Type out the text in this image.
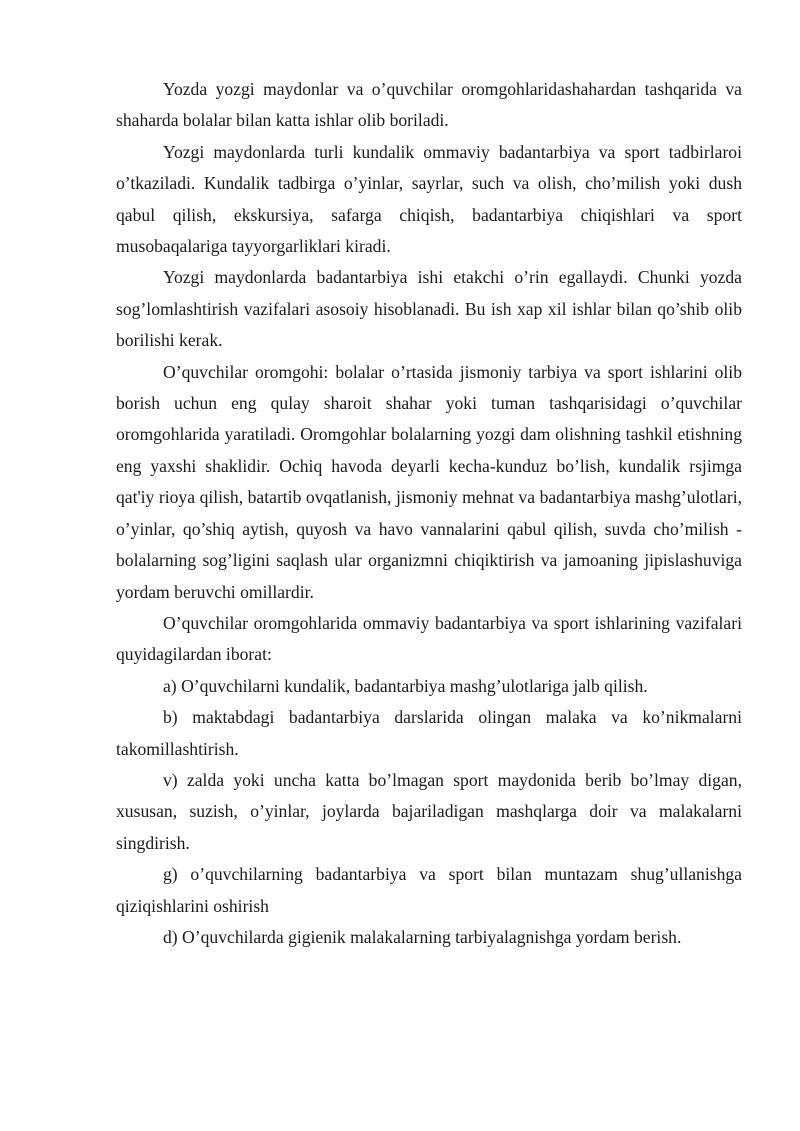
Yozda yozgi maydonlar va o’quvchilar oromgohlaridashahardan tashqarida va shaharda bolalar bilan katta ishlar olib boriladi.

Yozgi maydonlarda turli kundalik ommaviy badantarbiya va sport tadbirlaroi o’tkaziladi. Kundalik tadbirga o’yinlar, sayrlar, such va olish, cho’milish yoki dush qabul qilish, ekskursiya, safarga chiqish, badantarbiya chiqishlari va sport musobaqalariga tayyorgarliklari kiradi.

Yozgi maydonlarda badantarbiya ishi etakchi o’rin egallaydi. Chunki yozda sog’lomlashtirish vazifalari asosoiy hisoblanadi. Bu ish xap xil ishlar bilan qo’shib olib borilishi kerak.

O’quvchilar oromgohi: bolalar o’rtasida jismoniy tarbiya va sport ishlarini olib borish uchun eng qulay sharoit shahar yoki tuman tashqarisidagi o’quvchilar oromgohlarida yaratiladi. Oromgohlar bolalarning yozgi dam olishning tashkil etishning eng yaxshi shaklidir. Ochiq havoda deyarli kecha-kunduz bo’lish, kundalik rsjimga qat'iy rioya qilish, batartib ovqatlanish, jismoniy mehnat va badantarbiya mashg’ulotlari, o’yinlar, qo’shiq aytish, quyosh va havo vannalarini qabul qilish, suvda cho’milish - bolalarning sog’ligini saqlash ular organizmni chiqiktirish va jamoaning jipislashuviga yordam beruvchi omillardir.

O’quvchilar oromgohlarida ommaviy badantarbiya va sport ishlarining vazifalari quyidagilardan iborat:

a) O’quvchilarni kundalik, badantarbiya mashg’ulotlariga jalb qilish.

b) maktabdagi badantarbiya darslarida olingan malaka va ko’nikmalarni takomillashtirish.

v) zalda yoki uncha katta bo’lmagan sport maydonida berib bo’lmay digan, xususan, suzish, o’yinlar, joylarda bajariladigan mashqlarga doir va malakalarni singdirish.

g) o’quvchilarning badantarbiya va sport bilan muntazam shug’ullanishga qiziqishlarini oshirish

d) O’quvchilarda gigienik malakalarning tarbiyalagnishga yordam berish.
